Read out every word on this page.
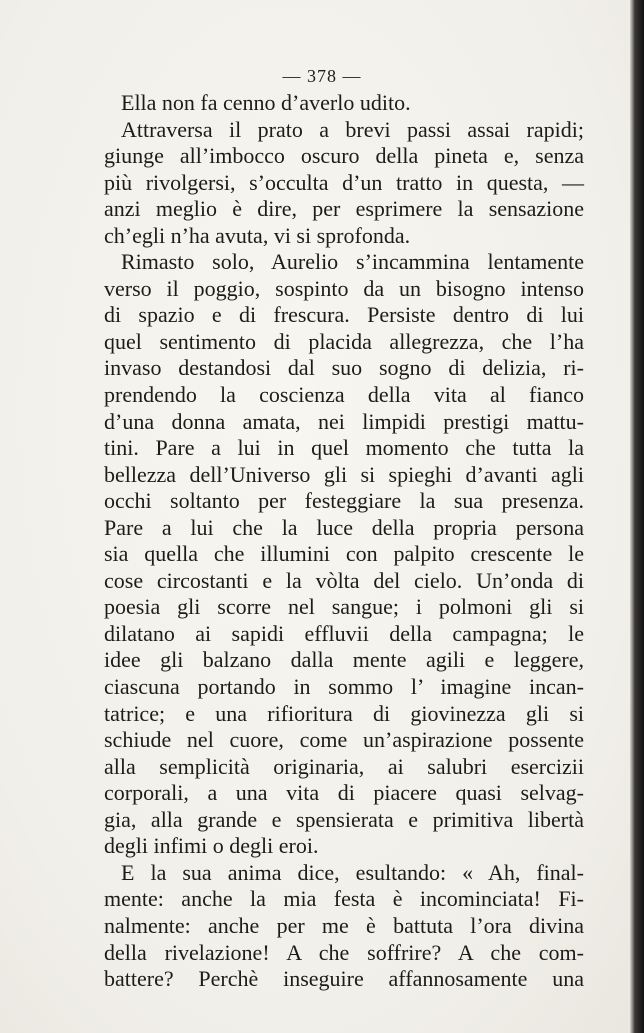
— 378 —
Ella non fa cenno d’averlo udito.
Attraversa il prato a brevi passi assai rapidi;
giunge all’imbocco oscuro della pineta e, senza
più rivolgersi, s’occulta d’un tratto in questa, —
anzi meglio è dire, per esprimere la sensazione
ch’egli n’ha avuta, vi si sprofonda.
Rimasto solo, Aurelio s’incammina lentamente
verso il poggio, sospinto da un bisogno intenso
di spazio e di frescura. Persiste dentro di lui
quel sentimento di placida allegrezza, che l’ha
invaso destandosi dal suo sogno di delizia, ri-
prendendo la coscienza della vita al fianco
d’una donna amata, nei limpidi prestigi mattu-
tini. Pare a lui in quel momento che tutta la
bellezza dell’Universo gli si spieghi d’avanti agli
occhi soltanto per festeggiare la sua presenza.
Pare a lui che la luce della propria persona
sia quella che illumini con palpito crescente le
cose circostanti e la vòlta del cielo. Un’onda di
poesia gli scorre nel sangue; i polmoni gli si
dilatano ai sapidi effluvii della campagna; le
idee gli balzano dalla mente agili e leggere,
ciascuna portando in sommo l’ imagine incan-
tatrice; e una rifioritura di giovinezza gli si
schiude nel cuore, come un’aspirazione possente
alla semplicità originaria, ai salubri esercizii
corporali, a una vita di piacere quasi selvag-
gia, alla grande e spensierata e primitiva libertà
degli infimi o degli eroi.
E la sua anima dice, esultando: « Ah, final-
mente: anche la mia festa è incominciata! Fi-
nalmente: anche per me è battuta l’ora divina
della rivelazione! A che soffrire? A che com-
battere? Perchè inseguire affannosamente una
